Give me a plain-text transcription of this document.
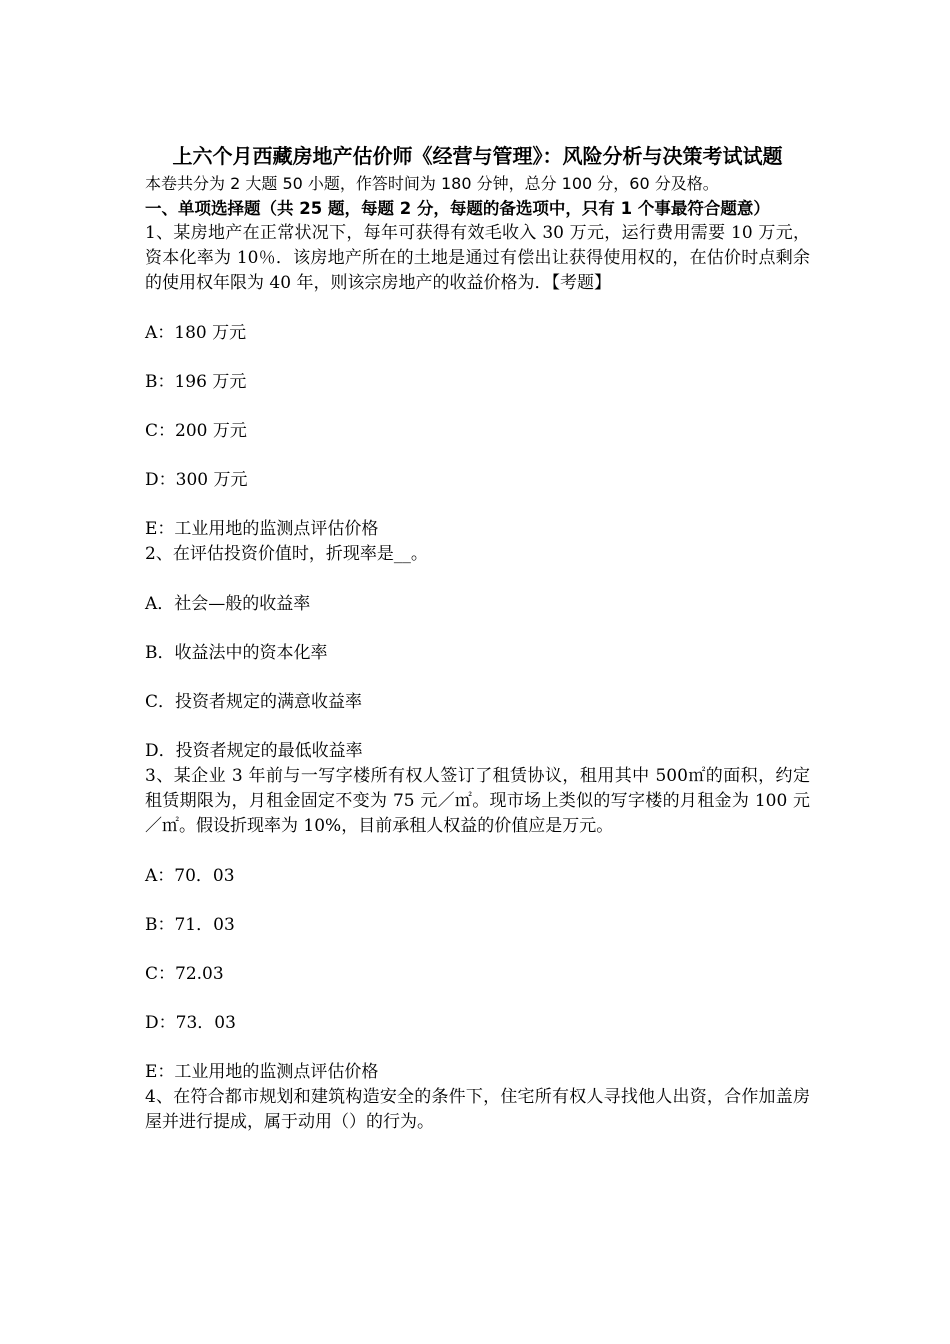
上六个月西藏房地产估价师《经营与管理》：风险分析与决策考试试题

本卷共分为 2 大题 50 小题，作答时间为 180 分钟，总分 100 分，60 分及格。

一、单项选择题（共 25 题，每题 2 分，每题的备选项中，只有 1 个事最符合题意）

1、某房地产在正常状况下，每年可获得有效毛收入 30 万元，运行费用需要 10 万元，资本化率为 10％．该房地产所在的土地是通过有偿出让获得使用权的，在估价时点剩余的使用权年限为 40 年，则该宗房地产的收益价格为．【考题】

A：180 万元
B：196 万元
C：200 万元
D：300 万元
E：工业用地的监测点评估价格

2、在评估投资价值时，折现率是__。

A．社会—般的收益率
B．收益法中的资本化率
C．投资者规定的满意收益率
D．投资者规定的最低收益率

3、某企业 3 年前与一写字楼所有权人签订了租赁协议，租用其中 500㎡的面积，约定租赁期限为，月租金固定不变为 75 元／㎡。现市场上类似的写字楼的月租金为 100 元／㎡。假设折现率为 10%，目前承租人权益的价值应是万元。

A：70．03
B：71．03
C：72.03
D：73．03
E：工业用地的监测点评估价格

4、在符合都市规划和建筑构造安全的条件下，住宅所有权人寻找他人出资，合作加盖房屋并进行提成，属于动用（）的行为。
